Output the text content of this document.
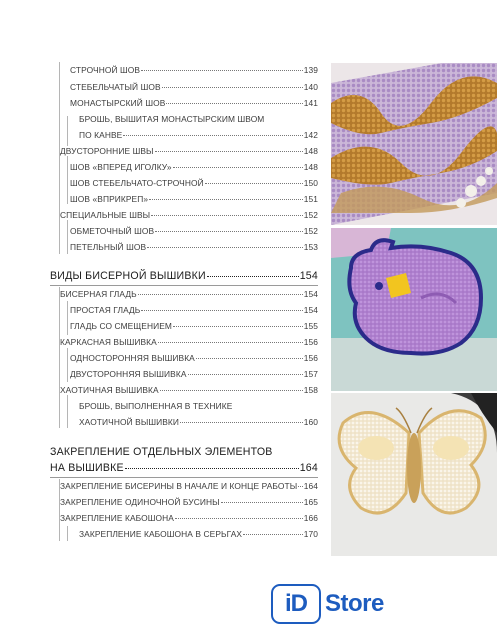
СТРОЧНОЙ ШОВ	139
СТЕБЕЛЬЧАТЫЙ ШОВ	140
МОНАСТЫРСКИЙ ШОВ	141
БРОШЬ, ВЫШИТАЯ МОНАСТЫРСКИМ ШВОМ
ПО КАНВЕ	142
ДВУСТОРОННИЕ ШВЫ	148
ШОВ «ВПЕРЕД ИГОЛКУ»	148
ШОВ СТЕБЕЛЬЧАТО-СТРОЧНОЙ	150
ШОВ «ВПРИКРЕП»	151
СПЕЦИАЛЬНЫЕ ШВЫ	152
ОБМЕТОЧНЫЙ ШОВ	152
ПЕТЕЛЬНЫЙ ШОВ	153
ВИДЫ БИСЕРНОЙ ВЫШИВКИ	154
БИСЕРНАЯ ГЛАДЬ	154
ПРОСТАЯ ГЛАДЬ	154
ГЛАДЬ СО СМЕЩЕНИЕМ	155
КАРКАСНАЯ ВЫШИВКА	156
ОДНОСТОРОННЯЯ ВЫШИВКА	156
ДВУСТОРОННЯЯ ВЫШИВКА	157
ХАОТИЧНАЯ ВЫШИВКА	158
БРОШЬ, ВЫПОЛНЕННАЯ В ТЕХНИКЕ
ХАОТИЧНОЙ ВЫШИВКИ	160
ЗАКРЕПЛЕНИЕ ОТДЕЛЬНЫХ ЭЛЕМЕНТОВ
НА ВЫШИВКЕ	164
ЗАКРЕПЛЕНИЕ БИСЕРИНЫ В НАЧАЛЕ И КОНЦЕ РАБОТЫ 164
ЗАКРЕПЛЕНИЕ ОДИНОЧНОЙ БУСИНЫ	165
ЗАКРЕПЛЕНИЕ КАБОШОНА	166
ЗАКРЕПЛЕНИЕ КАБОШОНА В СЕРЬГАХ	170
iD Store
